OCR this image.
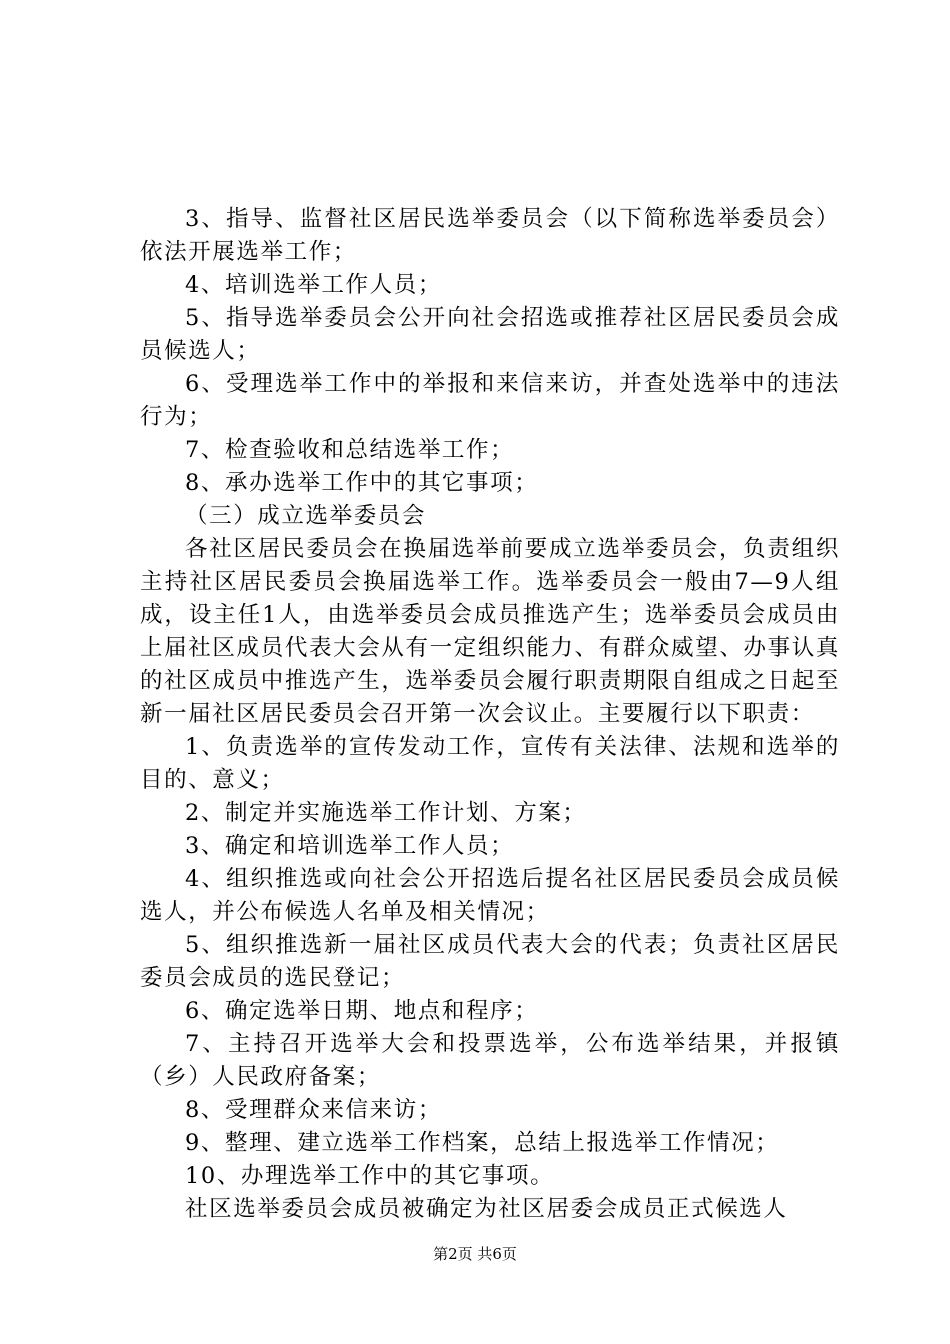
3、指导、监督社区居民选举委员会（以下简称选举委员会）依法开展选举工作；

4、培训选举工作人员；

5、指导选举委员会公开向社会招选或推荐社区居民委员会成员候选人；

6、受理选举工作中的举报和来信来访，并查处选举中的违法行为；

7、检查验收和总结选举工作；

8、承办选举工作中的其它事项；

（三）成立选举委员会

各社区居民委员会在换届选举前要成立选举委员会，负责组织主持社区居民委员会换届选举工作。选举委员会一般由7—9人组成，设主任1人，由选举委员会成员推选产生；选举委员会成员由上届社区成员代表大会从有一定组织能力、有群众威望、办事认真的社区成员中推选产生，选举委员会履行职责期限自组成之日起至新一届社区居民委员会召开第一次会议止。主要履行以下职责：

1、负责选举的宣传发动工作，宣传有关法律、法规和选举的目的、意义；

2、制定并实施选举工作计划、方案；

3、确定和培训选举工作人员；

4、组织推选或向社会公开招选后提名社区居民委员会成员候选人，并公布候选人名单及相关情况；

5、组织推选新一届社区成员代表大会的代表；负责社区居民委员会成员的选民登记；

6、确定选举日期、地点和程序；

7、主持召开选举大会和投票选举，公布选举结果，并报镇（乡）人民政府备案；

8、受理群众来信来访；

9、整理、建立选举工作档案，总结上报选举工作情况；

10、办理选举工作中的其它事项。

社区选举委员会成员被确定为社区居委会成员正式候选人

第2页 共6页
